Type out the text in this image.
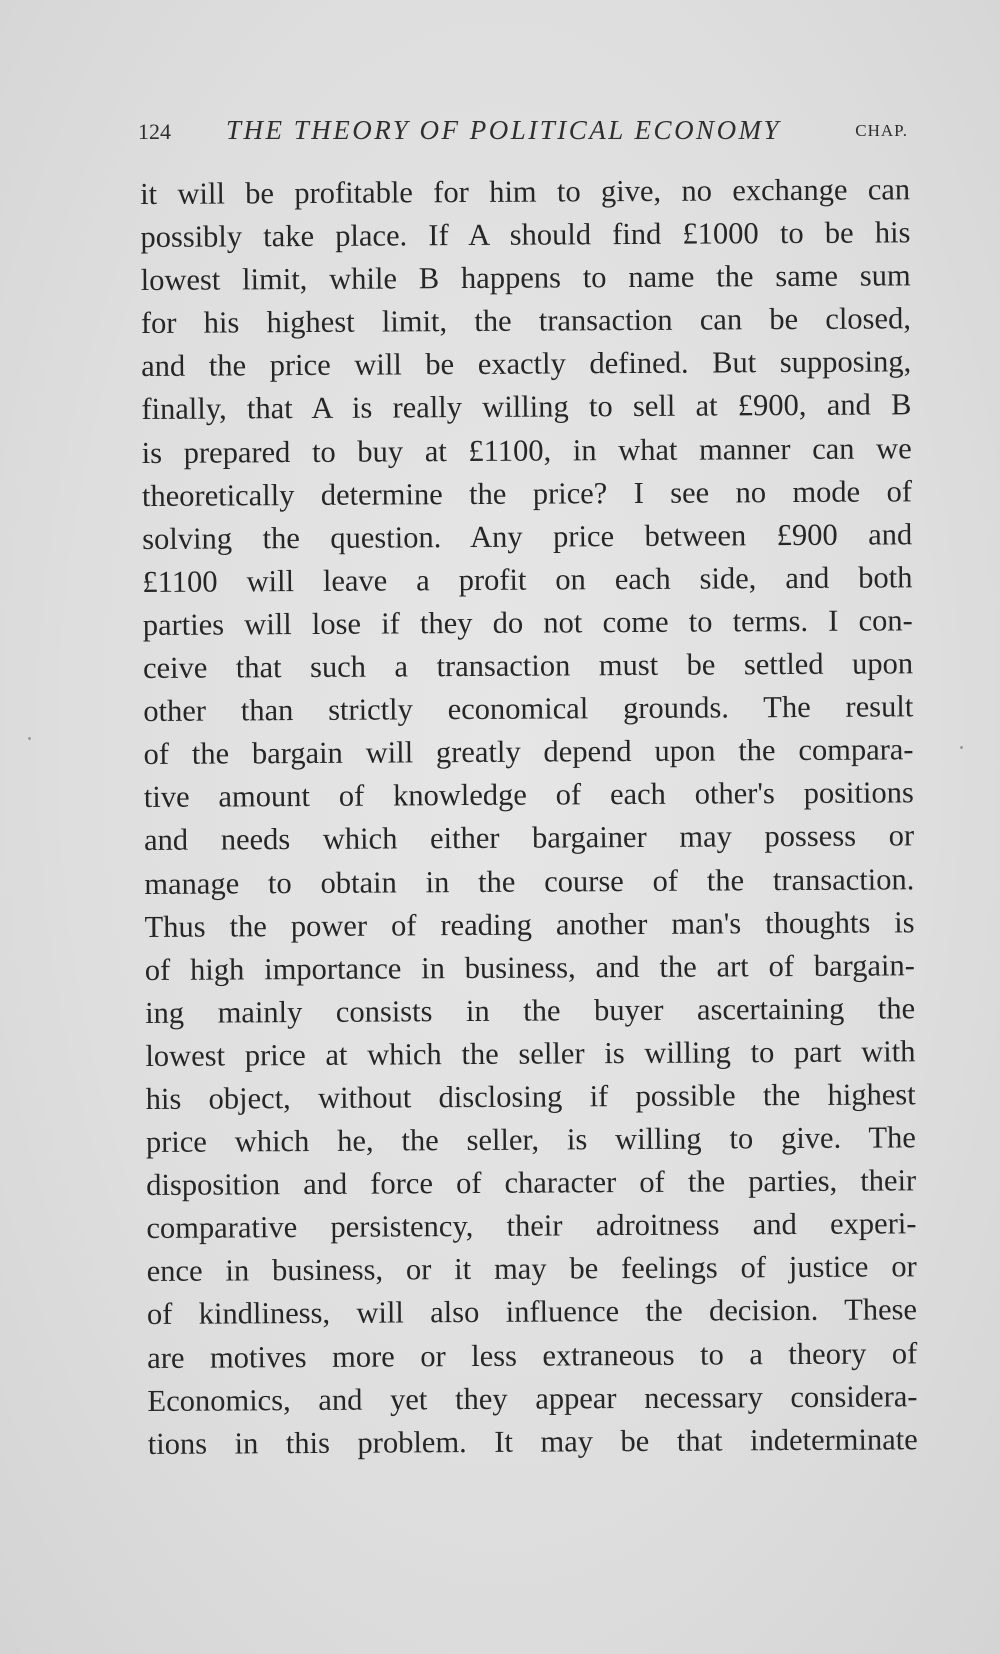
124 THE THEORY OF POLITICAL ECONOMY	CHAP.
it will be profitable for him to give, no exchange can
possibly take place. If A should find £1000 to be his
lowest limit, while B happens to name the same sum
for his highest limit, the transaction can be closed,
and the price will be exactly defined. But supposing,
finally, that A is really willing to sell at £900, and B
is prepared to buy at £1100, in what manner can we
theoretically determine the price? I see no mode of
solving the question. Any price between £900 and
£1100 will leave a profit on each side, and both
parties will lose if they do not come to terms. I con-
ceive that such a transaction must be settled upon
other than strictly economical grounds. The result
of the bargain will greatly depend upon the compara-
tive amount of knowledge of each other's positions
and needs which either bargainer may possess or
manage to obtain in the course of the transaction.
Thus the power of reading another man's thoughts is
of high importance in business, and the art of bargain-
ing mainly consists in the buyer ascertaining the
lowest price at which the seller is willing to part with
his object, without disclosing if possible the highest
price which he, the seller, is willing to give. The
disposition and force of character of the parties, their
comparative persistency, their adroitness and experi-
ence in business, or it may be feelings of justice or
of kindliness, will also influence the decision. These
are motives more or less extraneous to a theory of
Economics, and yet they appear necessary considera-
tions in this problem. It may be that indeterminate
